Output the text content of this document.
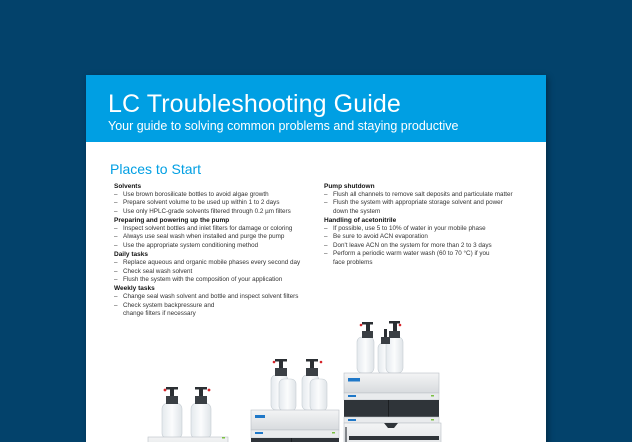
LC Troubleshooting Guide
Your guide to solving common problems and staying productive
Places to Start
Solvents
– Use brown borosilicate bottles to avoid algae growth
– Prepare solvent volume to be used up within 1 to 2 days
– Use only HPLC-grade solvents filtered through 0.2 µm filters
Preparing and powering up the pump
– Inspect solvent bottles and inlet filters for damage or coloring
– Always use seal wash when installed and purge the pump
– Use the appropriate system conditioning method
Daily tasks
– Replace aqueous and organic mobile phases every second day
– Check seal wash solvent
– Flush the system with the composition of your application
Weekly tasks
– Change seal wash solvent and bottle and inspect solvent filters
– Check system backpressure and change filters if necessary
Pump shutdown
– Flush all channels to remove salt deposits and particulate matter
– Flush the system with appropriate storage solvent and power down the system
Handling of acetonitrile
– If possible, use 5 to 10% of water in your mobile phase
– Be sure to avoid ACN evaporation
– Don't leave ACN on the system for more than 2 to 3 days
– Perform a periodic warm water wash (60 to 70 °C) if you face problems
